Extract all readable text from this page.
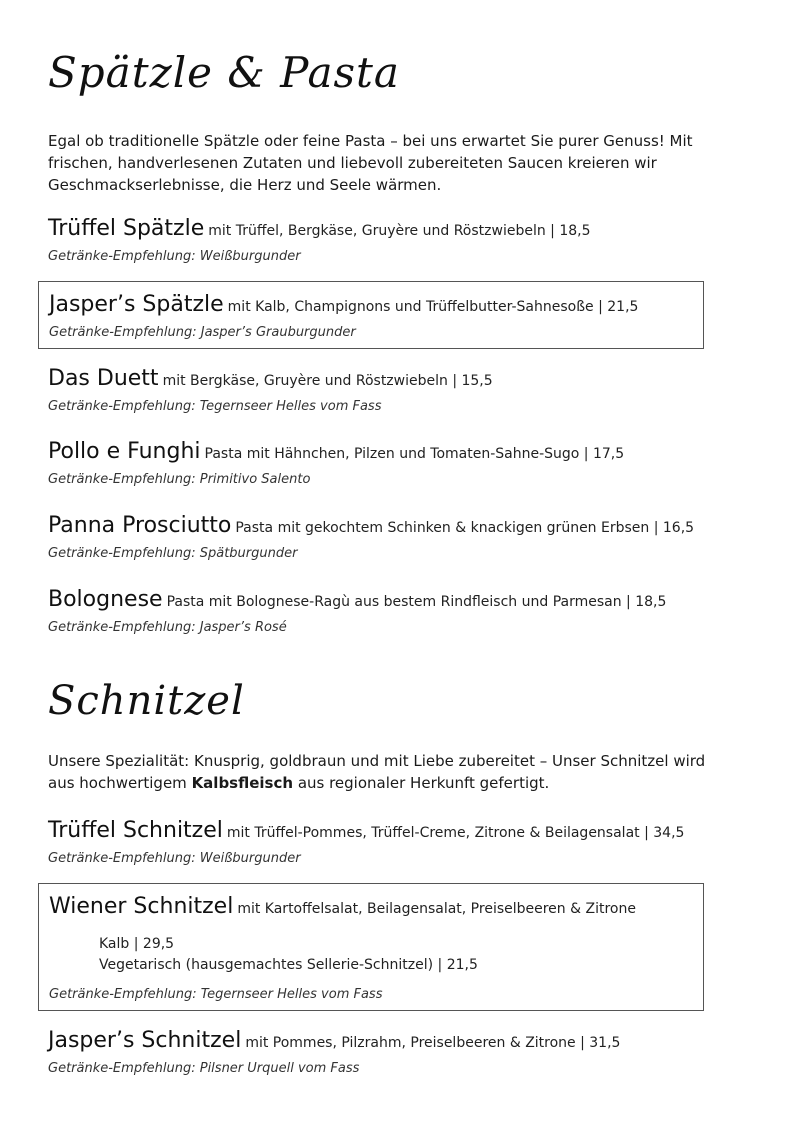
Spätzle & Pasta
Egal ob traditionelle Spätzle oder feine Pasta – bei uns erwartet Sie purer Genuss! Mit frischen, handverlesenen Zutaten und liebevoll zubereiteten Saucen kreieren wir Geschmackserlebnisse, die Herz und Seele wärmen.
Trüffel Spätzle mit Trüffel, Bergkäse, Gruyère und Röstzwiebeln | 18,5
Getränke-Empfehlung: Weißburgunder
Jasper’s Spätzle mit Kalb, Champignons und Trüffelbutter-Sahnesoße | 21,5
Getränke-Empfehlung: Jasper’s Grauburgunder
Das Duett mit Bergkäse, Gruyère und Röstzwiebeln | 15,5
Getränke-Empfehlung: Tegernseer Helles vom Fass
Pollo e Funghi Pasta mit Hähnchen, Pilzen und Tomaten-Sahne-Sugo | 17,5
Getränke-Empfehlung: Primitivo Salento
Panna Prosciutto Pasta mit gekochtem Schinken & knackigen grünen Erbsen | 16,5
Getränke-Empfehlung: Spätburgunder
Bolognese Pasta mit Bolognese-Ragù aus bestem Rindfleisch und Parmesan | 18,5
Getränke-Empfehlung: Jasper’s Rosé
Schnitzel
Unsere Spezialität: Knusprig, goldbraun und mit Liebe zubereitet – Unser Schnitzel wird aus hochwertigem Kalbsfleisch aus regionaler Herkunft gefertigt.
Trüffel Schnitzel mit Trüffel-Pommes, Trüffel-Creme, Zitrone & Beilagensalat | 34,5
Getränke-Empfehlung: Weißburgunder
Wiener Schnitzel mit Kartoffelsalat, Beilagensalat, Preiselbeeren & Zitrone
Kalb | 29,5
Vegetarisch (hausgemachtes Sellerie-Schnitzel) | 21,5
Getränke-Empfehlung: Tegernseer Helles vom Fass
Jasper’s Schnitzel mit Pommes, Pilzrahm, Preiselbeeren & Zitrone | 31,5
Getränke-Empfehlung: Pilsner Urquell vom Fass
